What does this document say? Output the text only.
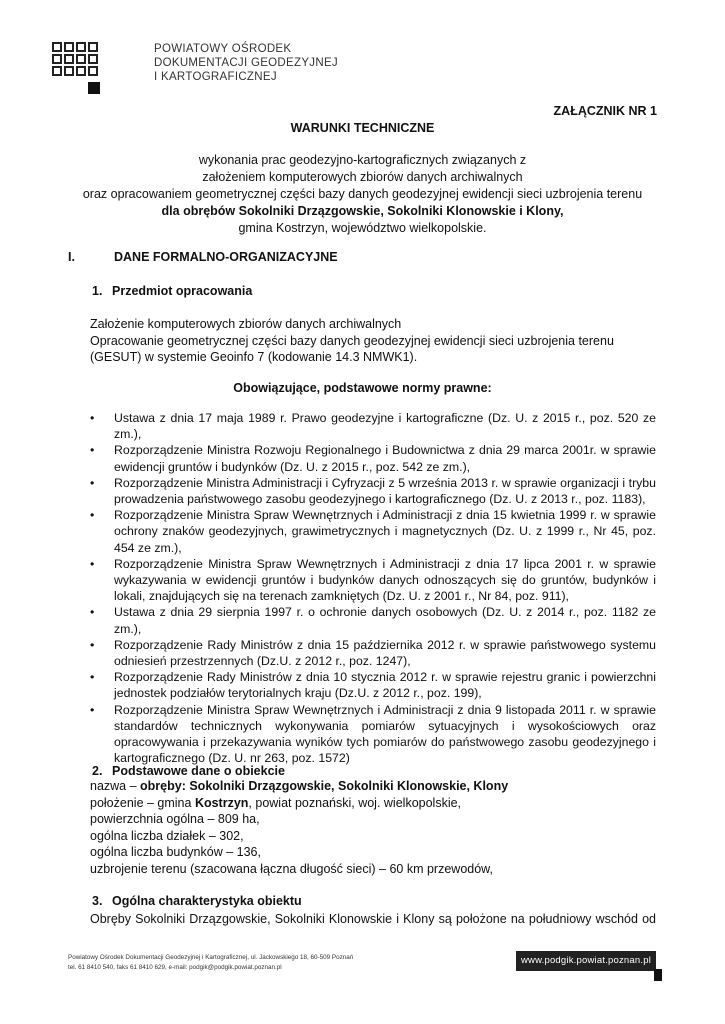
POWIATOWY OŚRODEK
DOKUMENTACJI GEODEZYJNEJ
I KARTOGRAFICZNEJ
ZAŁĄCZNIK NR 1
WARUNKI TECHNICZNE
wykonania prac geodezyjno-kartograficznych związanych z
założeniem komputerowych zbiorów danych archiwalnych
oraz opracowaniem geometrycznej części bazy danych geodezyjnej ewidencji sieci uzbrojenia terenu
dla obrębów Sokolniki Drzązgowskie, Sokolniki Klonowskie i Klony,
gmina Kostrzyn, województwo wielkopolskie.
I.	DANE FORMALNO-ORGANIZACYJNE
1. Przedmiot opracowania
Założenie komputerowych zbiorów danych archiwalnych
Opracowanie geometrycznej części bazy danych geodezyjnej ewidencji sieci uzbrojenia terenu (GESUT) w systemie Geoinfo 7 (kodowanie 14.3 NMWK1).
Obowiązujące, podstawowe normy prawne:
• Ustawa z dnia 17 maja 1989 r. Prawo geodezyjne i kartograficzne (Dz. U. z 2015 r., poz. 520 ze zm.),
• Rozporządzenie Ministra Rozwoju Regionalnego i Budownictwa z dnia 29 marca 2001r. w sprawie ewidencji gruntów i budynków (Dz. U. z 2015 r., poz. 542 ze zm.),
• Rozporządzenie Ministra Administracji i Cyfryzacji z 5 września 2013 r. w sprawie organizacji i trybu prowadzenia państwowego zasobu geodezyjnego i kartograficznego (Dz. U. z 2013 r., poz. 1183),
• Rozporządzenie Ministra Spraw Wewnętrznych i Administracji z dnia 15 kwietnia 1999 r. w sprawie ochrony znaków geodezyjnych, grawimetrycznych i magnetycznych (Dz. U. z 1999 r., Nr 45, poz. 454 ze zm.),
• Rozporządzenie Ministra Spraw Wewnętrznych i Administracji z dnia 17 lipca 2001 r. w sprawie wykazywania w ewidencji gruntów i budynków danych odnoszących się do gruntów, budynków i lokali, znajdujących się na terenach zamkniętych (Dz. U. z 2001 r., Nr 84, poz. 911),
• Ustawa z dnia 29 sierpnia 1997 r. o ochronie danych osobowych (Dz. U. z 2014 r., poz. 1182 ze zm.),
• Rozporządzenie Rady Ministrów z dnia 15 października 2012 r. w sprawie państwowego systemu odniesień przestrzennych (Dz.U. z 2012 r., poz. 1247),
• Rozporządzenie Rady Ministrów z dnia 10 stycznia 2012 r. w sprawie rejestru granic i powierzchni jednostek podziałów terytorialnych kraju (Dz.U. z 2012 r., poz. 199),
• Rozporządzenie Ministra Spraw Wewnętrznych i Administracji z dnia 9 listopada 2011 r. w sprawie standardów technicznych wykonywania pomiarów sytuacyjnych i wysokościowych oraz opracowywania i przekazywania wyników tych pomiarów do państwowego zasobu geodezyjnego i kartograficznego (Dz. U. nr 263, poz. 1572)
2. Podstawowe dane o obiekcie
nazwa – obręby: Sokolniki Drzązgowskie, Sokolniki Klonowskie, Klony
położenie – gmina Kostrzyn, powiat poznański, woj. wielkopolskie,
powierzchnia ogólna – 809 ha,
ogólna liczba działek – 302,
ogólna liczba budynków – 136,
uzbrojenie terenu (szacowana łączna długość sieci) – 60 km przewodów,
3. Ogólna charakterystyka obiektu
Obręby Sokolniki Drzązgowskie, Sokolniki Klonowskie i Klony są położone na południowy wschód od
Powiatowy Ośrodek Dokumentacji Geodezyjnej i Kartograficznej, ul. Jackowskiego 18, 60-509 Poznań
tel. 61 8410 540, faks 61 8410 629, e-mail: podgik@podgik.powiat.poznan.pl
www.podgik.powiat.poznan.pl
